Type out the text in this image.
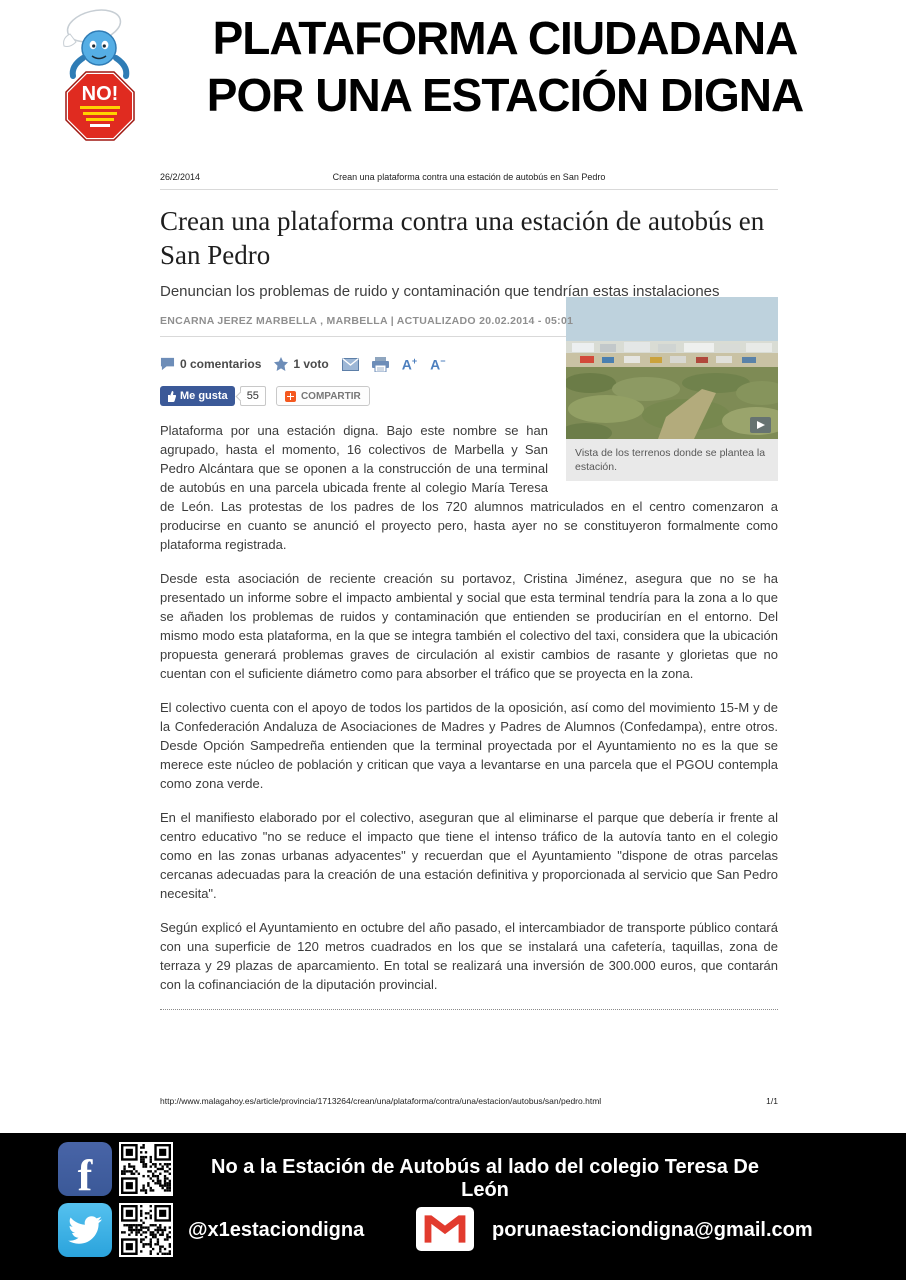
NO!
PLATAFORMA CIUDADANA
POR UNA ESTACIÓN DIGNA
26/2/2014	Crean una plataforma contra una estación de autobús en San Pedro
Crean una plataforma contra una estación de autobús en San Pedro
Denuncian los problemas de ruido y contaminación que tendrían estas instalaciones
ENCARNA JEREZ MARBELLA , MARBELLA | ACTUALIZADO 20.02.2014 - 05:01
Vista de los terrenos donde se plantea la estación.
0 comentarios	1 voto	A+ A−
Me gusta	55	COMPARTIR

Plataforma por una estación digna. Bajo este nombre se han agrupado, hasta el momento, 16 colectivos de Marbella y San Pedro Alcántara que se oponen a la construcción de una terminal de autobús en una parcela ubicada frente al colegio María Teresa de León. Las protestas de los padres de los 720 alumnos matriculados en el centro comenzaron a producirse en cuanto se anunció el proyecto pero, hasta ayer no se constituyeron formalmente como plataforma registrada.

Desde esta asociación de reciente creación su portavoz, Cristina Jiménez, asegura que no se ha presentado un informe sobre el impacto ambiental y social que esta terminal tendría para la zona a lo que se añaden los problemas de ruidos y contaminación que entienden se producirían en el entorno. Del mismo modo esta plataforma, en la que se integra también el colectivo del taxi, considera que la ubicación propuesta generará problemas graves de circulación al existir cambios de rasante y glorietas que no cuentan con el suficiente diámetro como para absorber el tráfico que se proyecta en la zona.

El colectivo cuenta con el apoyo de todos los partidos de la oposición, así como del movimiento 15-M y de la Confederación Andaluza de Asociaciones de Madres y Padres de Alumnos (Confedampa), entre otros. Desde Opción Sampedreña entienden que la terminal proyectada por el Ayuntamiento no es la que se merece este núcleo de población y critican que vaya a levantarse en una parcela que el PGOU contempla como zona verde.

En el manifiesto elaborado por el colectivo, aseguran que al eliminarse el parque que debería ir frente al centro educativo "no se reduce el impacto que tiene el intenso tráfico de la autovía tanto en el colegio como en las zonas urbanas adyacentes" y recuerdan que el Ayuntamiento "dispone de otras parcelas cercanas adecuadas para la creación de una estación definitiva y proporcionada al servicio que San Pedro necesita".

Según explicó el Ayuntamiento en octubre del año pasado, el intercambiador de transporte público contará con una superficie de 120 metros cuadrados en los que se instalará una cafetería, taquillas, zona de terraza y 29 plazas de aparcamiento. En total se realizará una inversión de 300.000 euros, que contarán con la cofinanciación de la diputación provincial.

http://www.malagahoy.es/article/provincia/1713264/crean/una/plataforma/contra/una/estacion/autobus/san/pedro.html	1/1
f	No a la Estación de Autobús al lado del colegio Teresa De León
@x1estaciondigna	porunaestaciondigna@gmail.com
